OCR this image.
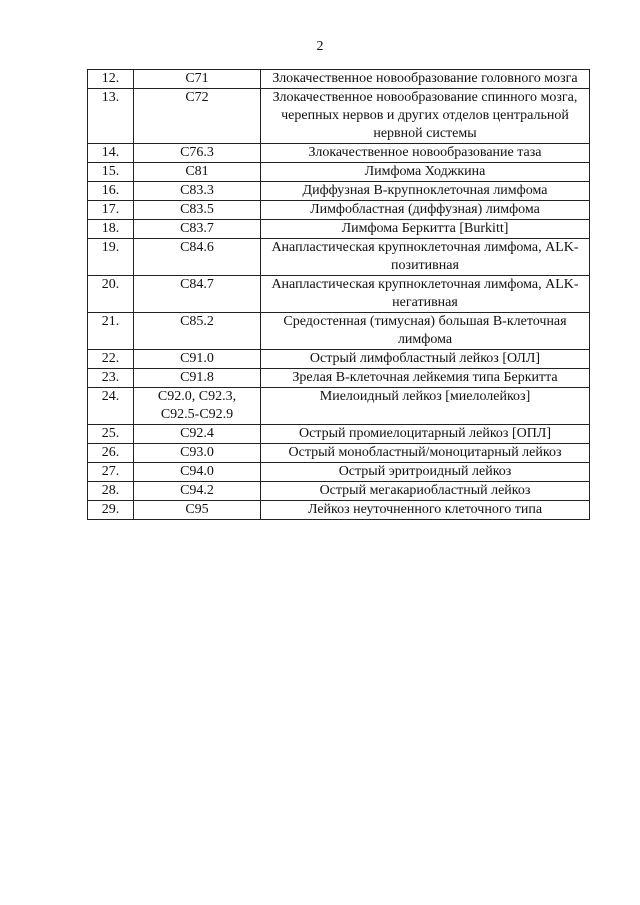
2
12.	C71	Злокачественное новообразование головного мозга
13.	C72	Злокачественное новообразование спинного мозга, черепных нервов и других отделов центральной нервной системы
14.	C76.3	Злокачественное новообразование таза
15.	C81	Лимфома Ходжкина
16.	C83.3	Диффузная B-крупноклеточная лимфома
17.	C83.5	Лимфобластная (диффузная) лимфома
18.	C83.7	Лимфома Беркитта [Burkitt]
19.	C84.6	Анапластическая крупноклеточная лимфома, ALK-позитивная
20.	C84.7	Анапластическая крупноклеточная лимфома, ALK-негативная
21.	C85.2	Средостенная (тимусная) большая B-клеточная лимфома
22.	C91.0	Острый лимфобластный лейкоз [ОЛЛ]
23.	C91.8	Зрелая B-клеточная лейкемия типа Беркитта
24.	C92.0, C92.3, C92.5-C92.9	Миелоидный лейкоз [миелолейкоз]
25.	C92.4	Острый промиелоцитарный лейкоз [ОПЛ]
26.	C93.0	Острый монобластный/моноцитарный лейкоз
27.	C94.0	Острый эритроидный лейкоз
28.	C94.2	Острый мегакариобластный лейкоз
29.	C95	Лейкоз неуточненного клеточного типа
